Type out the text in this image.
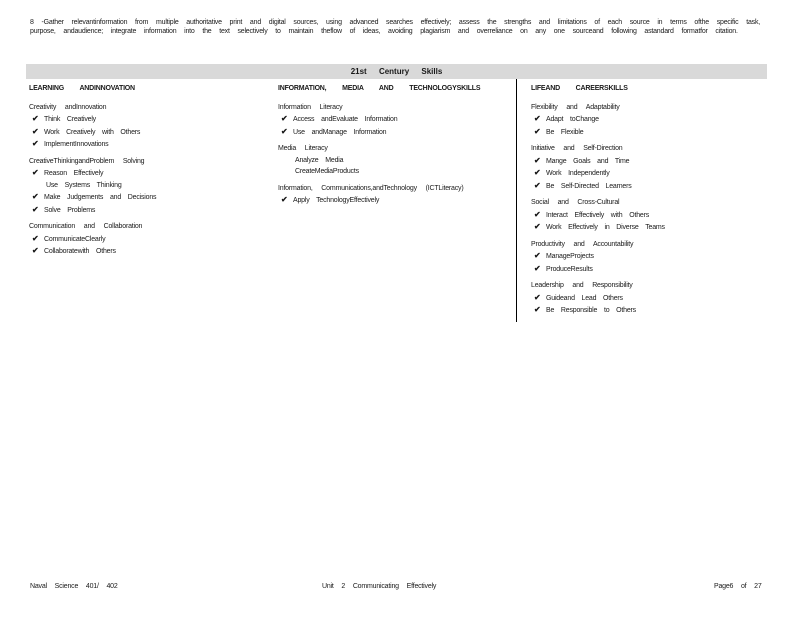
8 -Gather relevantinformation from multiple authoritative print and digital sources, using advanced searches effectively; assess the strengths and limitations of each source in terms ofthe specific task, purpose, andaudience; integrate information into the text selectively to maintain theflow of ideas, avoiding plagiarism and overreliance on any one sourceand following astandard formatfor citation.
21st Century Skills
LEARNING ANDINNOVATION
Creativity andInnovation
✔ Think Creatively
✔ Work Creatively with Others
✔ ImplementInnovations
CreativeThinkingandProblem Solving
✔ Reason Effectively
Use Systems Thinking
✔ Make Judgements and Decisions
✔ Solve Problems
Communication and Collaboration
✔ CommunicateClearly
✔ Collaboratewith Others
INFORMATION, MEDIA AND TECHNOLOGYSKILLS
Information Literacy
✔ Access andEvaluate Information
✔ Use andManage Information
Media Literacy
Analyze Media
CreateMediaProducts
Information, Communications,andTechnology (ICTLiteracy)
✔ Apply TechnologyEffectively
LIFEAND CAREERSKILLS
Flexibility and Adaptability
✔ Adapt toChange
✔ Be Flexible
Initiative and Self-Direction
✔ Mange Goals and Time
✔ Work Independently
✔ Be Self-Directed Learners
Social and Cross-Cultural
✔ Interact Effectively with Others
✔ Work Effectively in Diverse Teams
Productivity and Accountability
✔ ManageProjects
✔ ProduceResults
Leadership and Responsibility
✔ Guideand Lead Others
✔ Be Responsible to Others
Naval Science 401/ 402	Unit 2 Communicating Effectively	Page6 of 27
